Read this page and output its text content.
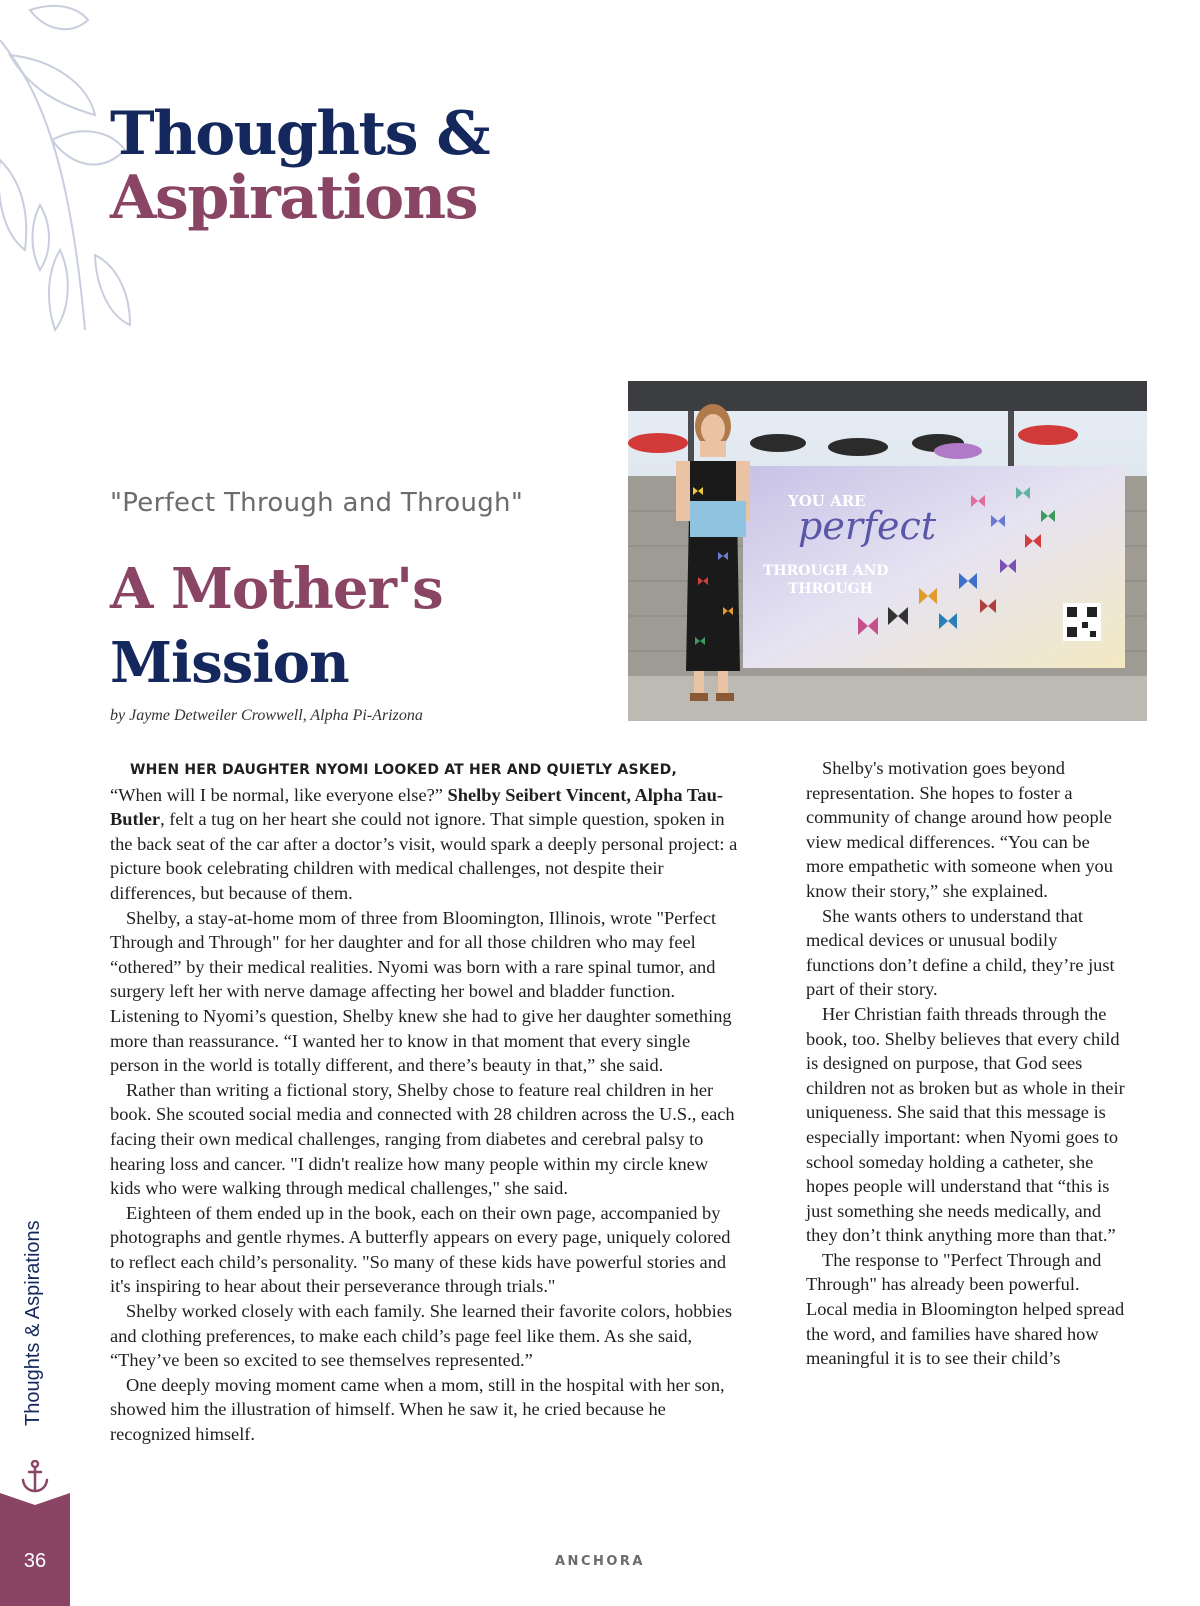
Thoughts &
Aspirations
YOU ARE
perfect
THROUGH AND
THROUGH
"Perfect Through and Through"
A Mother's
Mission

by Jayme Detweiler Crowwell, Alpha Pi-Arizona

WHEN HER DAUGHTER NYOMI LOOKED AT HER AND QUIETLY ASKED,
“When will I be normal, like everyone else?” Shelby Seibert Vincent, Alpha Tau-Butler, felt a tug on her heart she could not ignore. That simple question, spoken in the back seat of the car after a doctor’s visit, would spark a deeply personal project: a picture book celebrating children with medical challenges, not despite their differences, but because of them.

Shelby, a stay-at-home mom of three from Bloomington, Illinois, wrote "Perfect Through and Through" for her daughter and for all those children who may feel “othered” by their medical realities. Nyomi was born with a rare spinal tumor, and surgery left her with nerve damage affecting her bowel and bladder function. Listening to Nyomi’s question, Shelby knew she had to give her daughter something more than reassurance. “I wanted her to know in that moment that every single person in the world is totally different, and there’s beauty in that,” she said.

Rather than writing a fictional story, Shelby chose to feature real children in her book. She scouted social media and connected with 28 children across the U.S., each facing their own medical challenges, ranging from diabetes and cerebral palsy to hearing loss and cancer. "I didn't realize how many people within my circle knew kids who were walking through medical challenges," she said.

Eighteen of them ended up in the book, each on their own page, accompanied by photographs and gentle rhymes. A butterfly appears on every page, uniquely colored to reflect each child’s personality. "So many of these kids have powerful stories and it's inspiring to hear about their perseverance through trials."

Shelby worked closely with each family. She learned their favorite colors, hobbies and clothing preferences, to make each child’s page feel like them. As she said, “They’ve been so excited to see themselves represented.”

One deeply moving moment came when a mom, still in the hospital with her son, showed him the illustration of himself. When he saw it, he cried because he recognized himself.

Shelby's motivation goes beyond representation. She hopes to foster a community of change around how people view medical differences. “You can be more empathetic with someone when you know their story,” she explained.

She wants others to understand that medical devices or unusual bodily functions don’t define a child, they’re just part of their story.

Her Christian faith threads through the book, too. Shelby believes that every child is designed on purpose, that God sees children not as broken but as whole in their uniqueness. She said that this message is especially important: when Nyomi goes to school someday holding a catheter, she hopes people will understand that “this is just something she needs medically, and they don’t think anything more than that.”

The response to "Perfect Through and Through" has already been powerful. Local media in Bloomington helped spread the word, and families have shared how meaningful it is to see their child’s

Thoughts & Aspirations
36	ANCHORA
